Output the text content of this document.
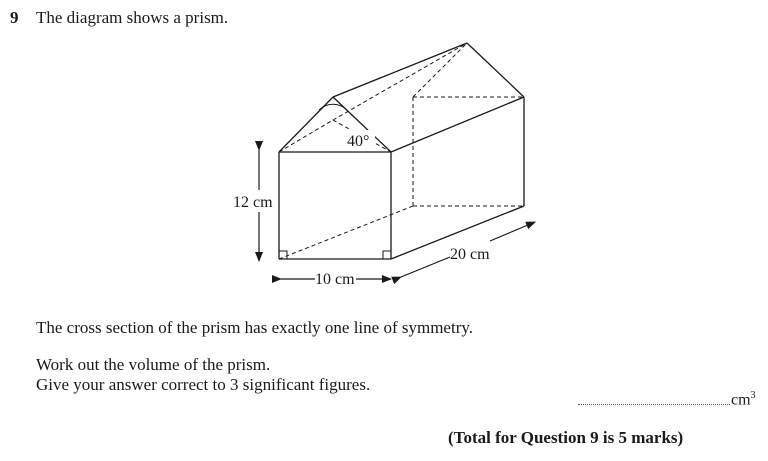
9 The diagram shows a prism.
40°
12 cm
10 cm
20 cm
The cross section of the prism has exactly one line of symmetry.
Work out the volume of the prism.
Give your answer correct to 3 significant figures.
$cm^3$
(Total for Question 9 is 5 marks)
